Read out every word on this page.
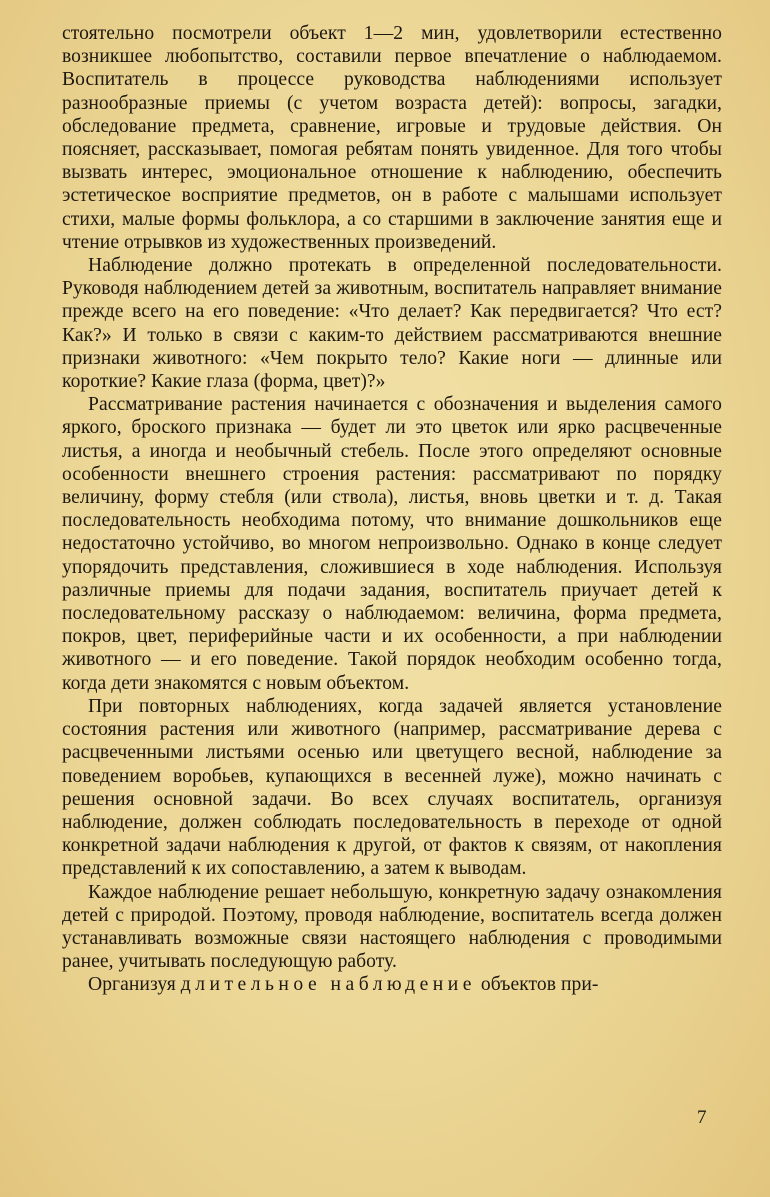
стоятельно посмотрели объект 1—2 мин, удовлетворили естественно возникшее любопытство, составили первое впечатление о наблюдаемом. Воспитатель в процессе руководства наблюдениями использует разнообразные приемы (с учетом возраста детей): вопросы, загадки, обследование предмета, сравнение, игровые и трудовые действия. Он поясняет, рассказывает, помогая ребятам понять увиденное. Для того чтобы вызвать интерес, эмоциональное отношение к наблюдению, обеспечить эстетическое восприятие предметов, он в работе с малышами использует стихи, малые формы фольклора, а со старшими в заключение занятия еще и чтение отрывков из художественных произведений.

Наблюдение должно протекать в определенной последовательности. Руководя наблюдением детей за животным, воспитатель направляет внимание прежде всего на его поведение: «Что делает? Как передвигается? Что ест? Как?» И только в связи с каким-то действием рассматриваются внешние признаки животного: «Чем покрыто тело? Какие ноги — длинные или короткие? Какие глаза (форма, цвет)?»

Рассматривание растения начинается с обозначения и выделения самого яркого, броского признака — будет ли это цветок или ярко расцвеченные листья, а иногда и необычный стебель. После этого определяют основные особенности внешнего строения растения: рассматривают по порядку величину, форму стебля (или ствола), листья, вновь цветки и т. д. Такая последовательность необходима потому, что внимание дошкольников еще недостаточно устойчиво, во многом непроизвольно. Однако в конце следует упорядочить представления, сложившиеся в ходе наблюдения. Используя различные приемы для подачи задания, воспитатель приучает детей к последовательному рассказу о наблюдаемом: величина, форма предмета, покров, цвет, периферийные части и их особенности, а при наблюдении животного — и его поведение. Такой порядок необходим особенно тогда, когда дети знакомятся с новым объектом.

При повторных наблюдениях, когда задачей является установление состояния растения или животного (например, рассматривание дерева с расцвеченными листьями осенью или цветущего весной, наблюдение за поведением воробьев, купающихся в весенней луже), можно начинать с решения основной задачи. Во всех случаях воспитатель, организуя наблюдение, должен соблюдать последовательность в переходе от одной конкретной задачи наблюдения к другой, от фактов к связям, от накопления представлений к их сопоставлению, а затем к выводам.

Каждое наблюдение решает небольшую, конкретную задачу ознакомления детей с природой. Поэтому, проводя наблюдение, воспитатель всегда должен устанавливать возможные связи настоящего наблюдения с проводимыми ранее, учитывать последующую работу.

Организуя длительное наблюдение объектов при-

7
